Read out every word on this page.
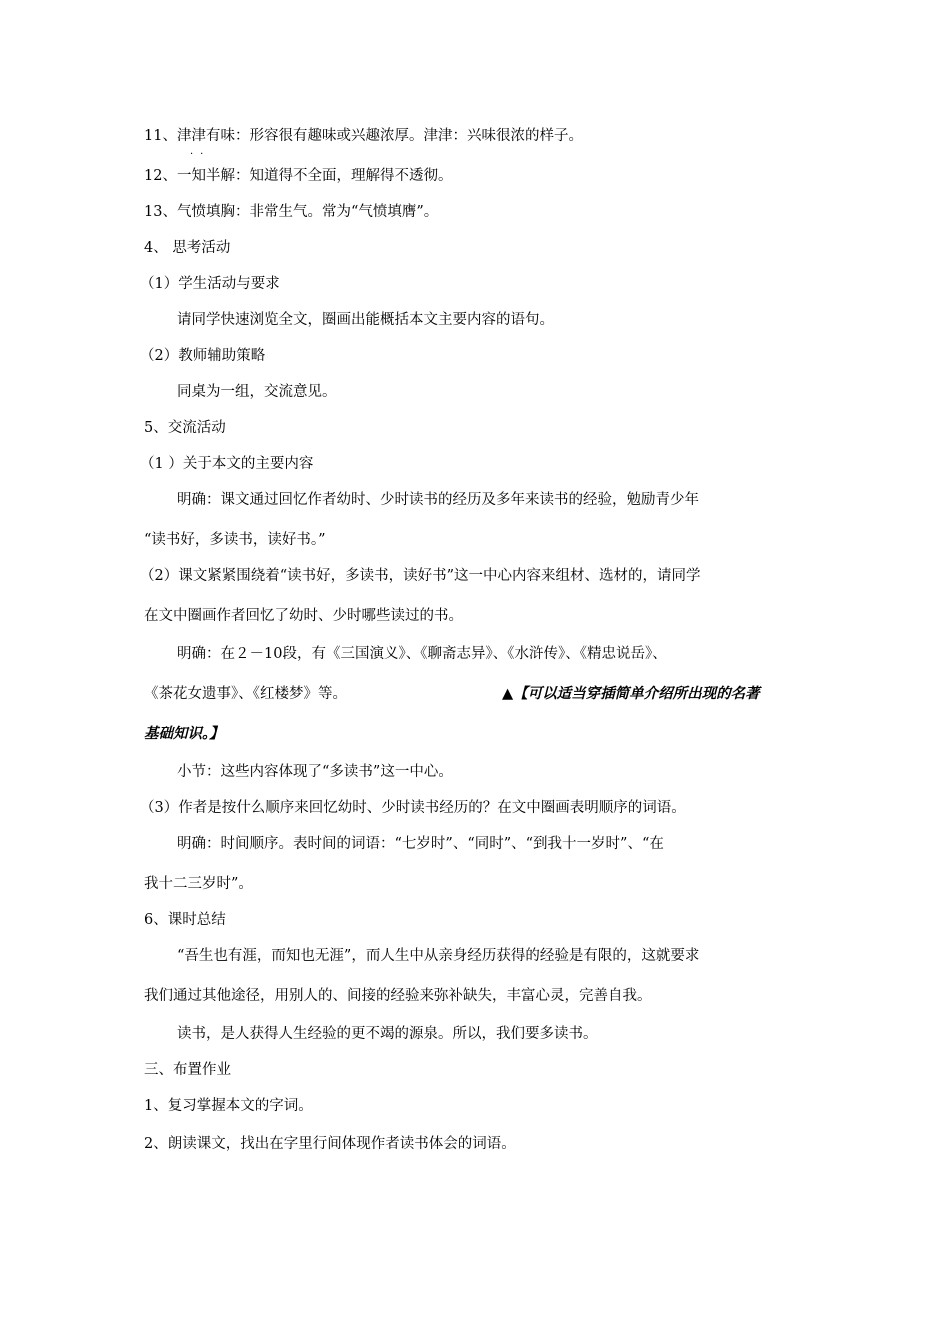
11、津津有味：形容很有趣味或兴趣浓厚。津津：兴味很浓的样子。
··
12、一知半解：知道得不全面，理解得不透彻。
13、气愤填胸：非常生气。常为“气愤填膺”。
4、 思考活动
（1）学生活动与要求
请同学快速浏览全文，圈画出能概括本文主要内容的语句。
（2）教师辅助策略
同桌为一组，交流意见。
5、交流活动
（1 ）关于本文的主要内容
明确：课文通过回忆作者幼时、少时读书的经历及多年来读书的经验，勉励青少年
“读书好，多读书，读好书。”
（2）课文紧紧围绕着“读书好，多读书，读好书”这一中心内容来组材、选材的，请同学
在文中圈画作者回忆了幼时、少时哪些读过的书。
明确：在２－10段，有《三国演义》、《聊斋志异》、《水浒传》、《精忠说岳》、
《茶花女遗事》、《红楼梦》等。	▲【可以适当穿插简单介绍所出现的名著
基础知识。】
小节：这些内容体现了“多读书”这一中心。
（3）作者是按什么顺序来回忆幼时、少时读书经历的？在文中圈画表明顺序的词语。
明确：时间顺序。表时间的词语：“七岁时”、“同时”、“到我十一岁时”、“在
我十二三岁时”。
6、课时总结
“吾生也有涯，而知也无涯”，而人生中从亲身经历获得的经验是有限的，这就要求
我们通过其他途径，用别人的、间接的经验来弥补缺失，丰富心灵，完善自我。
读书，是人获得人生经验的更不竭的源泉。所以，我们要多读书。
三、布置作业
1、复习掌握本文的字词。
2、朗读课文，找出在字里行间体现作者读书体会的词语。
